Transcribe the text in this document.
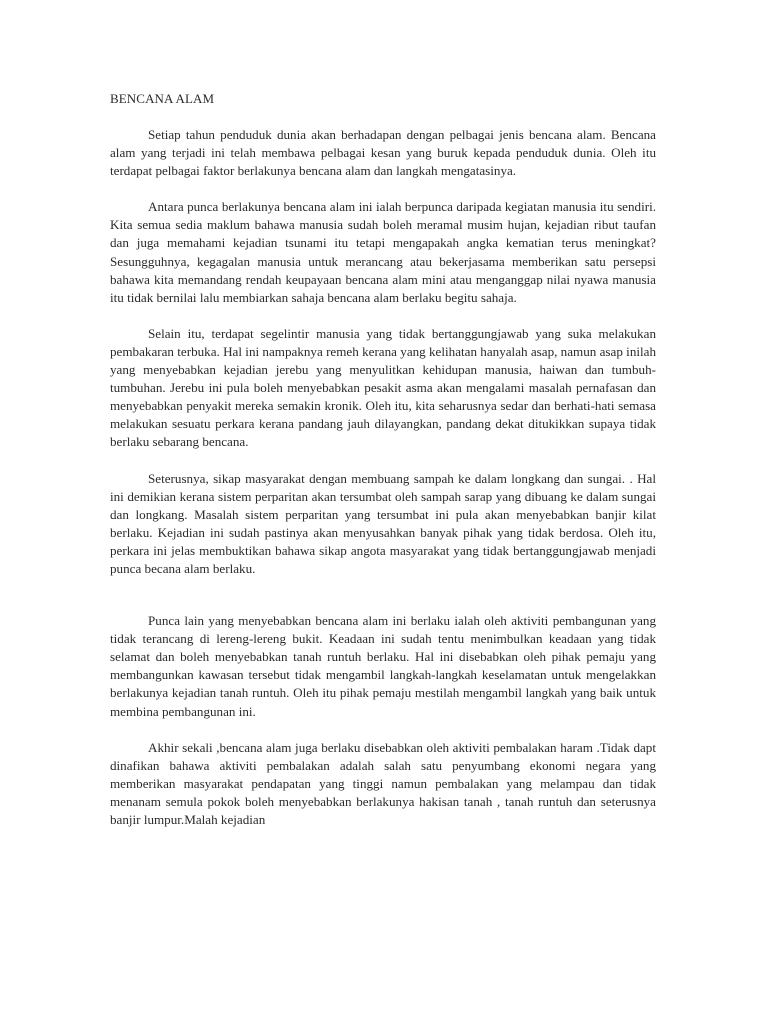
BENCANA ALAM

Setiap tahun penduduk dunia akan berhadapan dengan pelbagai jenis bencana alam. Bencana alam yang terjadi ini telah membawa pelbagai kesan yang buruk kepada penduduk dunia. Oleh itu terdapat pelbagai faktor berlakunya bencana alam dan langkah mengatasinya.

Antara punca berlakunya bencana alam ini ialah berpunca daripada kegiatan manusia itu sendiri. Kita semua sedia maklum bahawa manusia sudah boleh meramal musim hujan, kejadian ribut taufan dan juga memahami kejadian tsunami itu tetapi mengapakah angka kematian terus meningkat? Sesungguhnya, kegagalan manusia untuk merancang atau bekerjasama memberikan satu persepsi bahawa kita memandang rendah keupayaan bencana alam mini atau menganggap nilai nyawa manusia itu tidak bernilai lalu membiarkan sahaja bencana alam berlaku begitu sahaja.

Selain itu, terdapat segelintir manusia yang tidak bertanggungjawab yang suka melakukan pembakaran terbuka. Hal ini nampaknya remeh kerana yang kelihatan hanyalah asap, namun asap inilah yang menyebabkan kejadian jerebu yang menyulitkan kehidupan manusia, haiwan dan tumbuh-tumbuhan. Jerebu ini pula boleh menyebabkan pesakit asma akan mengalami masalah pernafasan dan menyebabkan penyakit mereka semakin kronik. Oleh itu, kita seharusnya sedar dan berhati-hati semasa melakukan sesuatu perkara kerana pandang jauh dilayangkan, pandang dekat ditukikkan supaya tidak berlaku sebarang bencana.

Seterusnya, sikap masyarakat dengan membuang sampah ke dalam longkang dan sungai. . Hal ini demikian kerana sistem perparitan akan tersumbat oleh sampah sarap yang dibuang ke dalam sungai dan longkang. Masalah sistem perparitan yang tersumbat ini pula akan menyebabkan banjir kilat berlaku. Kejadian ini sudah pastinya akan menyusahkan banyak pihak yang tidak berdosa. Oleh itu, perkara ini jelas membuktikan bahawa sikap angota masyarakat yang tidak bertanggungjawab menjadi punca becana alam berlaku.

Punca lain yang menyebabkan bencana alam ini berlaku ialah oleh aktiviti pembangunan yang tidak terancang di lereng-lereng bukit. Keadaan ini sudah tentu menimbulkan keadaan yang tidak selamat dan boleh menyebabkan tanah runtuh berlaku. Hal ini disebabkan oleh pihak pemaju yang membangunkan kawasan tersebut tidak mengambil langkah-langkah keselamatan untuk mengelakkan berlakunya kejadian tanah runtuh. Oleh itu pihak pemaju mestilah mengambil langkah yang baik untuk membina pembangunan ini.

Akhir sekali ,bencana alam juga berlaku disebabkan oleh aktiviti pembalakan haram .Tidak dapt dinafikan bahawa aktiviti pembalakan adalah salah satu penyumbang ekonomi negara yang memberikan masyarakat pendapatan yang tinggi namun pembalakan yang melampau dan tidak menanam semula pokok boleh menyebabkan berlakunya hakisan tanah , tanah runtuh dan seterusnya banjir lumpur.Malah kejadian
